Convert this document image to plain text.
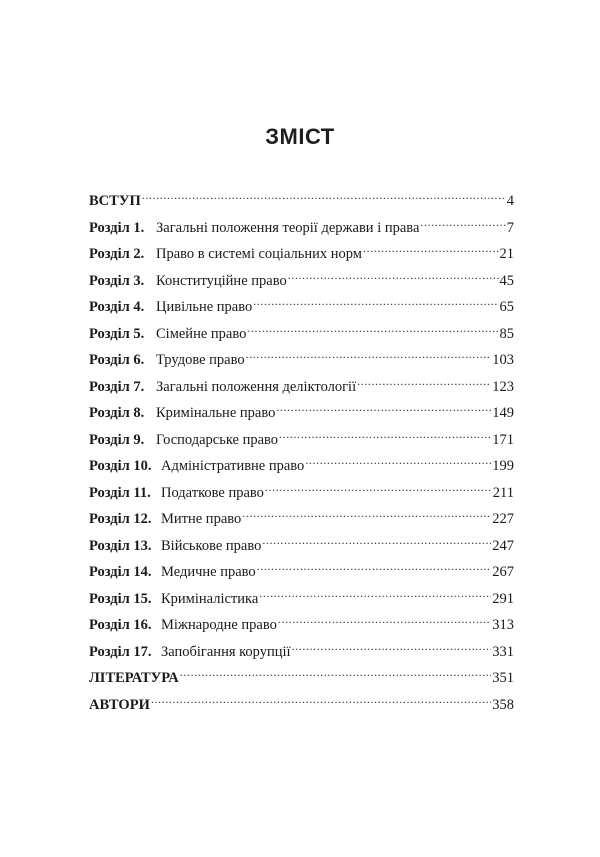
ЗМІСТ
ВСТУП .....	4
Розділ 1. Загальні положення теорії держави і права .....	7
Розділ 2. Право в системі соціальних норм .....	21
Розділ 3. Конституційне право .....	45
Розділ 4. Цивільне право .....	65
Розділ 5. Сімейне право .....	85
Розділ 6. Трудове право .....	103
Розділ 7. Загальні положення деліктології .....	123
Розділ 8. Кримінальне право .....	149
Розділ 9. Господарське право .....	171
Розділ 10. Адміністративне право .....	199
Розділ 11. Податкове право .....	211
Розділ 12. Митне право .....	227
Розділ 13. Військове право .....	247
Розділ 14. Медичне право .....	267
Розділ 15. Криміналістика .....	291
Розділ 16. Міжнародне право .....	313
Розділ 17. Запобігання корупції .....	331
ЛІТЕРАТУРА .....	351
АВТОРИ .....	358
